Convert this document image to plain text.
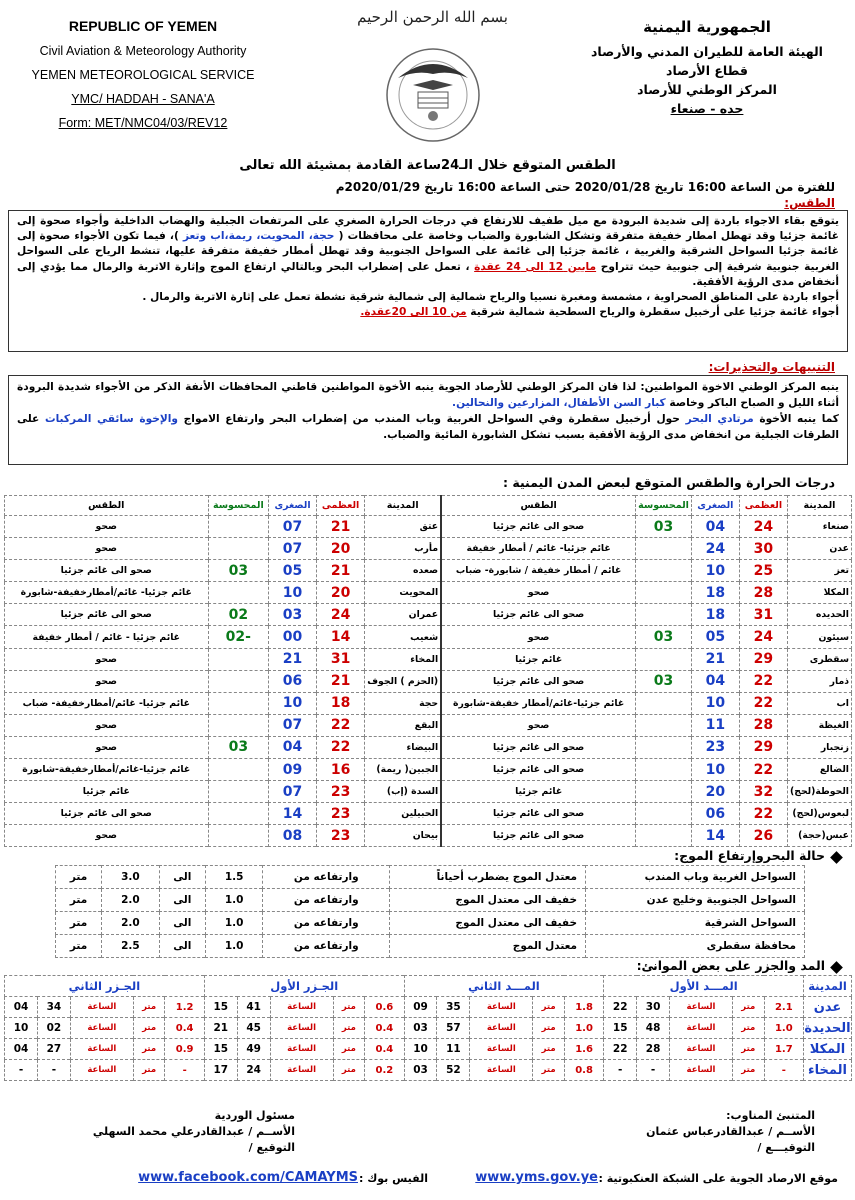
REPUBLIC OF YEMEN
Civil Aviation & Meteorology Authority
YEMEN METEOROLOGICAL SERVICE
YMC/ HADDAH - SANA'A
Form: MET/NMC04/03/REV12
بسم الله الرحمن الرحيم
الجمهورية اليمنية
الهيئة العامة للطيران المدني والأرصاد
قطاع الأرصاد
المركز الوطني للأرصاد
حده - صنعاء
الطقس المتوقع خلال الـ24ساعة القادمة بمشيئة الله تعالى
للفترة من الساعة 16:00 تاريخ 2020/01/28 حتى الساعة 16:00 تاريخ 2020/01/29م
الطقس:
يتوقع بقاء الاجواء باردة إلى شديدة البرودة مع ميل طفيف للارتفاع في درجات الحرارة الصغري على المرتفعات الجبلية والهضاب الداخلية وأجواء صحوة إلى غائمة جزئيا وقد تهطل امطار خفيفة متفرقة وتشكل الشابورة والضباب وخاصة على محافظات ( حجة، المحويت، ريمة،اب وتعز )، فيما تكون الأجواء صحوة إلى غائمة جزئيا السواحل الشرقية والغربية ، غائمة جزئيا إلى غائمة على السواحل الجنوبية وقد تهطل أمطار خفيفة متفرقة عليها، تنشط الرياح على السواحل الغربية جنوبية شرقية إلى جنوبية حيث تتراوح مابين 12 الى 24 عقدة ، تعمل على إضطراب البحر وبالتالي ارتفاع الموج وإثارة الاتربة والرمال مما يؤدي إلى أنخفاض مدى الرؤية الأفقية.
أجواء باردة على المناطق الصحراوية ، مشمسة ومغبرة نسبيا والرياح شمالية إلى شمالية شرقية نشطة تعمل على إثارة الاتربة والرمال .
أجواء غائمة جزئيا على أرخبيل سقطرة والرياح السطحية شمالية شرقية من 10 الى 20عقدة.
التنبيهات والتحذيرات:
ينبه المركز الوطني الاخوة المواطنين: لذا فان المركز الوطني للأرصاد الجوية ينبه الأخوة المواطنين قاطني المحافظات الأنفة الذكر من الأجواء شديدة البرودة أثناء الليل و الصباح الباكر وخاصة كبار السن الأطفال، المزارعين والنحالين.
كما ينبه الأخوة مرتادي البحر حول أرخبيل سقطرة وفي السواحل الغربية وباب المندب من إضطراب البحر وارتفاع الامواج والإخوة سائقي المركبات على الطرقات الجبلية من انخفاض مدى الرؤية الأفقية بسبب تشكل الشابورة المائية والضباب.
درجات الحرارة والطقس المتوقع لبعض المدن اليمنية :
المدينة	العظمى	الصغرى	المحسوسة	الطقس	المدينة	العظمى	الصغرى	المحسوسة	الطقس
صنعاء	24	04	03	صحو الى غائم جزئيا	عتق	21	07		صحو
عدن	30	24		غائم جزئيا- غائم / أمطار خفيفة	مأرب	20	07		صحو
تعز	25	10		غائم / أمطار خفيفة / شابورة- ضباب	صعده	21	05	03	صحو الى غائم جزئيا
المكلا	28	18		صحو	المحويت	20	10		غائم جزئيا- غائم/أمطارخفيفة-شابورة
الحديده	31	18		صحو الى غائم جزئيا	عمران	24	03	02	صحو الى غائم جزئيا
سيئون	24	05	03	صحو	شعيب	14	00	-02	غائم جزئيا - غائم / أمطار خفيفة
سقطرى	29	21		غائم جزئيا	المخاء	31	21		صحو
ذمار	22	04	03	صحو الى غائم جزئيا	(الحزم ) الجوف	21	06		صحو
اب	22	10		غائم جزئيا-غائم/أمطار خفيفة-شابورة	حجة	18	10		غائم جزئيا- غائم/أمطارخفيفة- ضباب
الغيظة	28	11		صحو	البقع	22	07		صحو
زنجبار	29	23		صحو الى غائم جزئيا	البيضاء	22	04	03	صحو
الضالع	22	10		صحو الى غائم جزئيا	الجبين( ريمة)	16	09		غائم جزئيا-غائم/أمطارخفيفة-شابورة
الحوطة(لحج)	32	20		غائم جزئيا	السدة (إب)	23	07		غائم جزئيا
لبعوس(لحج)	22	06		صحو الى غائم جزئيا	الحبيلين	23	14		صحو الى غائم جزئيا
عبس(حجة)	26	14		صحو الى غائم جزئيا	بيحان	23	08		صحو
حالة البحروإرتفاع الموج:
السواحل الغربية وباب المندب	معتدل الموج يضطرب أحياناً	وارتفاعه من	1.5	الى	3.0	متر
السواحل الجنوبية وخليج عدن	خفيف الى معتدل الموج	وارتفاعه من	1.0	الى	2.0	متر
السواحل الشرقية	خفيف الى معتدل الموج	وارتفاعه من	1.0	الى	2.0	متر
محافظة سقطرى	معتدل الموج	وارتفاعه من	1.0	الى	2.5	متر
المد والجزر على بعض الموانئ:
المدينة	المـــد الأول					المـــد الثاني					الجـزر الأول					الجـزر الثاني				
عدن	2.1	متر	الساعة	30	22	1.8	متر	الساعة	35	09	0.6	متر	الساعة	41	15	1.2	متر	الساعة	34	04
الحديدة	1.0	متر	الساعة	48	15	1.0	متر	الساعة	57	03	0.4	متر	الساعة	45	21	0.4	متر	الساعة	02	10
المكلا	1.7	متر	الساعة	28	22	1.6	متر	الساعة	11	10	0.4	متر	الساعة	49	15	0.9	متر	الساعة	27	04
المخاء	-	متر	الساعة	-	-	0.8	متر	الساعة	52	03	0.2	متر	الساعة	24	17	-	متر	الساعة	-	-
المتنبئ المناوب:
الأســم / عبدالقادرعباس عثمان
التوقيـــع /
مسئول الوردية
الأســم / عبدالقادرعلي محمد السهلي
التوقيع /
موقع الارصاد الجوية على الشبكة العنكبوتية :
www.yms.gov.ye
الفيس بوك :
www.facebook.com/CAMAYMS
